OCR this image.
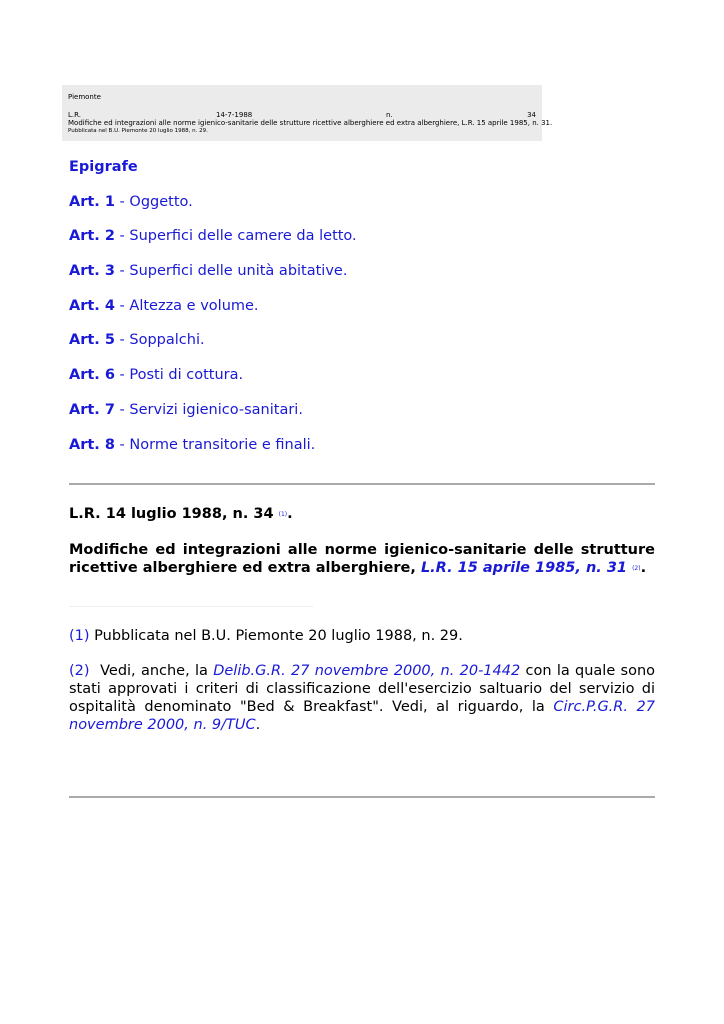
Piemonte
L.R.	14-7-1988	n.	34
Modifiche ed integrazioni alle norme igienico-sanitarie delle strutture ricettive alberghiere ed extra alberghiere, L.R. 15 aprile 1985, n. 31.
Pubblicata nel B.U. Piemonte 20 luglio 1988, n. 29.
Epigrafe
Art. 1 - Oggetto.
Art. 2 - Superfici delle camere da letto.
Art. 3 - Superfici delle unità abitative.
Art. 4 - Altezza e volume.
Art. 5 - Soppalchi.
Art. 6 - Posti di cottura.
Art. 7 - Servizi igienico-sanitari.
Art. 8 - Norme transitorie e finali.
L.R. 14 luglio 1988, n. 34 (1).
Modifiche ed integrazioni alle norme igienico-sanitarie delle strutture ricettive alberghiere ed extra alberghiere, L.R. 15 aprile 1985, n. 31 (2).
(1) Pubblicata nel B.U. Piemonte 20 luglio 1988, n. 29.
(2) Vedi, anche, la Delib.G.R. 27 novembre 2000, n. 20-1442 con la quale sono stati approvati i criteri di classificazione dell'esercizio saltuario del servizio di ospitalità denominato "Bed & Breakfast". Vedi, al riguardo, la Circ.P.G.R. 27 novembre 2000, n. 9/TUC.
